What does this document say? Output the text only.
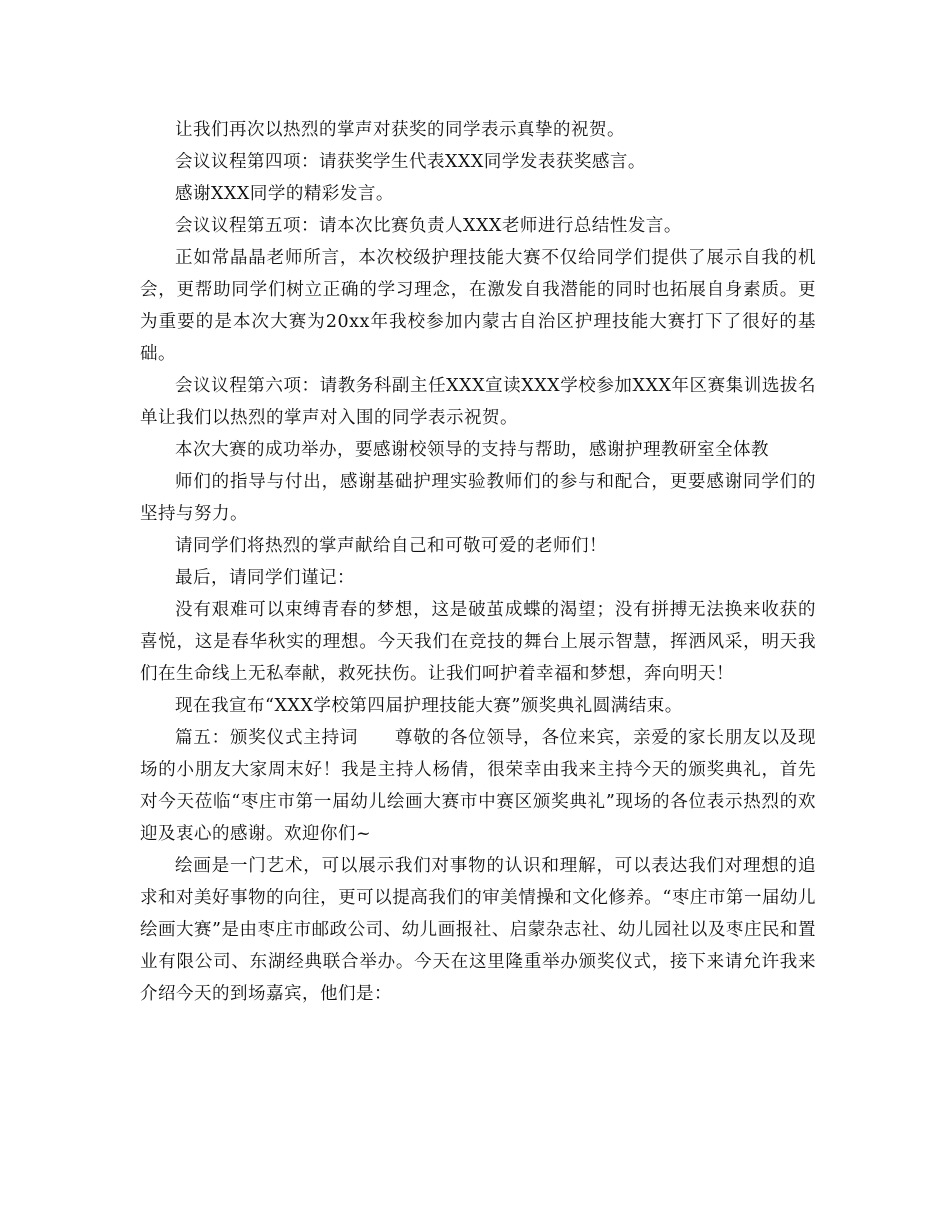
让我们再次以热烈的掌声对获奖的同学表示真挚的祝贺。

会议议程第四项：请获奖学生代表XXX同学发表获奖感言。

感谢XXX同学的精彩发言。

会议议程第五项：请本次比赛负责人XXX老师进行总结性发言。

正如常晶晶老师所言，本次校级护理技能大赛不仅给同学们提供了展示自我的机会，更帮助同学们树立正确的学习理念，在激发自我潜能的同时也拓展自身素质。更为重要的是本次大赛为20xx年我校参加内蒙古自治区护理技能大赛打下了很好的基础。

会议议程第六项：请教务科副主任XXX宣读XXX学校参加XXX年区赛集训选拔名单让我们以热烈的掌声对入围的同学表示祝贺。

本次大赛的成功举办，要感谢校领导的支持与帮助，感谢护理教研室全体教

师们的指导与付出，感谢基础护理实验教师们的参与和配合，更要感谢同学们的坚持与努力。

请同学们将热烈的掌声献给自己和可敬可爱的老师们！

最后，请同学们谨记：

没有艰难可以束缚青春的梦想，这是破茧成蝶的渴望；没有拼搏无法换来收获的喜悦，这是春华秋实的理想。今天我们在竞技的舞台上展示智慧，挥洒风采，明天我们在生命线上无私奉献，救死扶伤。让我们呵护着幸福和梦想，奔向明天！

现在我宣布“XXX学校第四届护理技能大赛”颁奖典礼圆满结束。

篇五：颁奖仪式主持词　　尊敬的各位领导，各位来宾，亲爱的家长朋友以及现场的小朋友大家周末好！我是主持人杨倩，很荣幸由我来主持今天的颁奖典礼，首先对今天莅临“枣庄市第一届幼儿绘画大赛市中赛区颁奖典礼”现场的各位表示热烈的欢迎及衷心的感谢。欢迎你们~

绘画是一门艺术，可以展示我们对事物的认识和理解，可以表达我们对理想的追求和对美好事物的向往，更可以提高我们的审美情操和文化修养。“枣庄市第一届幼儿绘画大赛”是由枣庄市邮政公司、幼儿画报社、启蒙杂志社、幼儿园社以及枣庄民和置业有限公司、东湖经典联合举办。今天在这里隆重举办颁奖仪式，接下来请允许我来介绍今天的到场嘉宾，他们是：
